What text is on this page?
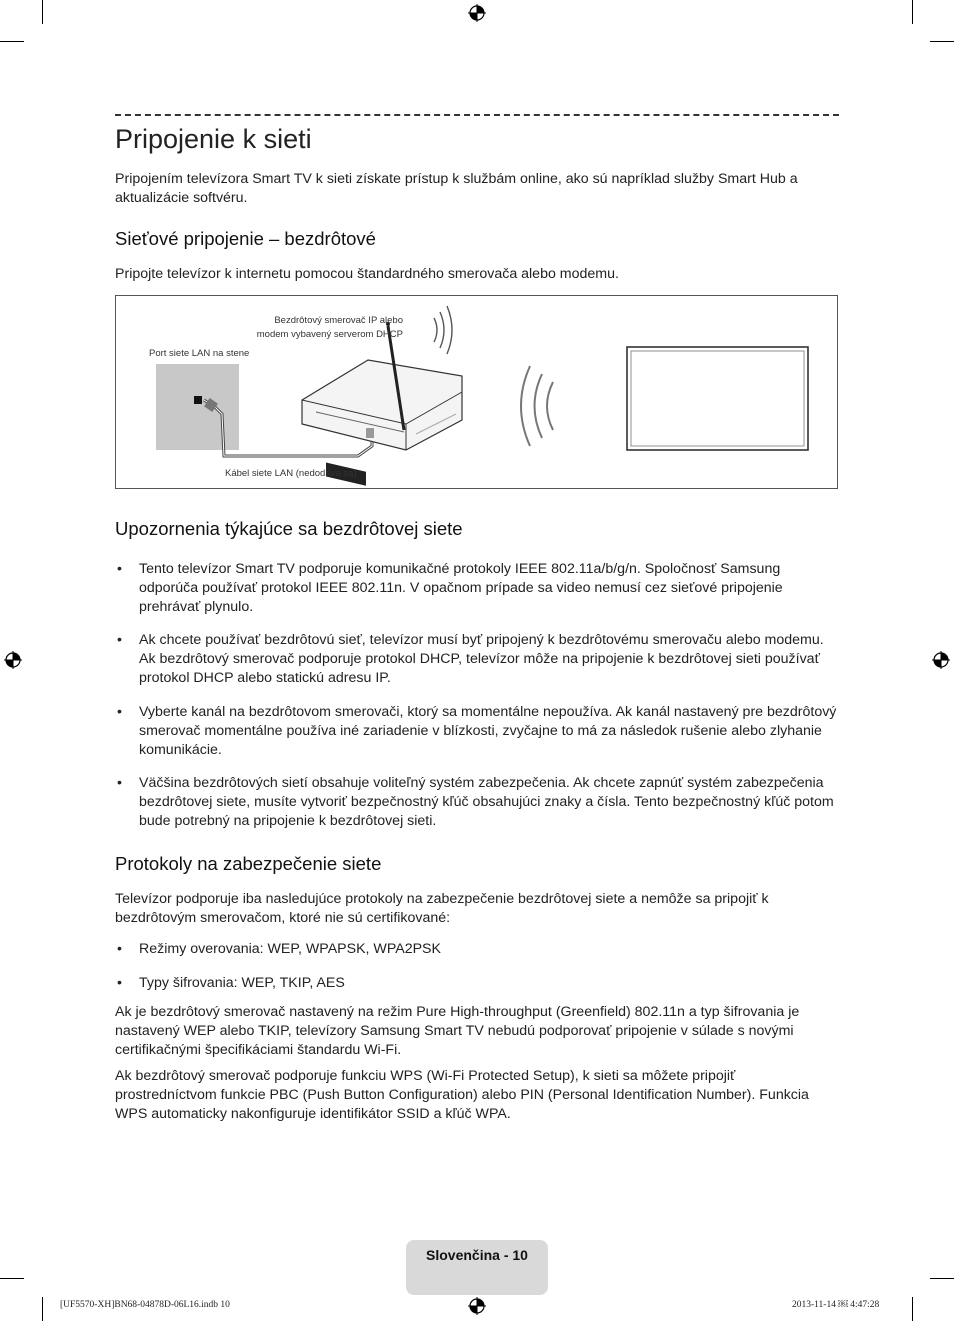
Pripojenie k sieti

Pripojením televízora Smart TV k sieti získate prístup k službám online, ako sú napríklad služby Smart Hub a aktualizácie softvéru.

Sieťové pripojenie – bezdrôtové

Pripojte televízor k internetu pomocou štandardného smerovača alebo modemu.

Bezdrôtový smerovač IP alebo
modem vybavený serverom DHCP
Port siete LAN na stene
Kábel siete LAN (nedodáva sa)
Upozornenia týkajúce sa bezdrôtovej siete
• Tento televízor Smart TV podporuje komunikačné protokoly IEEE 802.11a/b/g/n. Spoločnosť Samsung odporúča používať protokol IEEE 802.11n. V opačnom prípade sa video nemusí cez sieťové pripojenie prehrávať plynulo.
• Ak chcete používať bezdrôtovú sieť, televízor musí byť pripojený k bezdrôtovému smerovaču alebo modemu. Ak bezdrôtový smerovač podporuje protokol DHCP, televízor môže na pripojenie k bezdrôtovej sieti používať protokol DHCP alebo statickú adresu IP.
• Vyberte kanál na bezdrôtovom smerovači, ktorý sa momentálne nepoužíva. Ak kanál nastavený pre bezdrôtový smerovač momentálne používa iné zariadenie v blízkosti, zvyčajne to má za následok rušenie alebo zlyhanie komunikácie.
• Väčšina bezdrôtových sietí obsahuje voliteľný systém zabezpečenia. Ak chcete zapnúť systém zabezpečenia bezdrôtovej siete, musíte vytvoriť bezpečnostný kľúč obsahujúci znaky a čísla. Tento bezpečnostný kľúč potom bude potrebný na pripojenie k bezdrôtovej sieti.
Protokoly na zabezpečenie siete

Televízor podporuje iba nasledujúce protokoly na zabezpečenie bezdrôtovej siete a nemôže sa pripojiť k bezdrôtovým smerovačom, ktoré nie sú certifikované:

• Režimy overovania: WEP, WPAPSK, WPA2PSK
• Typy šifrovania: WEP, TKIP, AES

Ak je bezdrôtový smerovač nastavený na režim Pure High-throughput (Greenfield) 802.11n a typ šifrovania je nastavený WEP alebo TKIP, televízory Samsung Smart TV nebudú podporovať pripojenie v súlade s novými certifikačnými špecifikáciami štandardu Wi-Fi.

Ak bezdrôtový smerovač podporuje funkciu WPS (Wi-Fi Protected Setup), k sieti sa môžete pripojiť prostredníctvom funkcie PBC (Push Button Configuration) alebo PIN (Personal Identification Number). Funkcia WPS automaticky nakonfiguruje identifikátor SSID a kľúč WPA.

Slovenčina - 10
[UF5570-XH]BN68-04878D-06L16.indb 10	2013-11-14 ￼ 4:47:28
